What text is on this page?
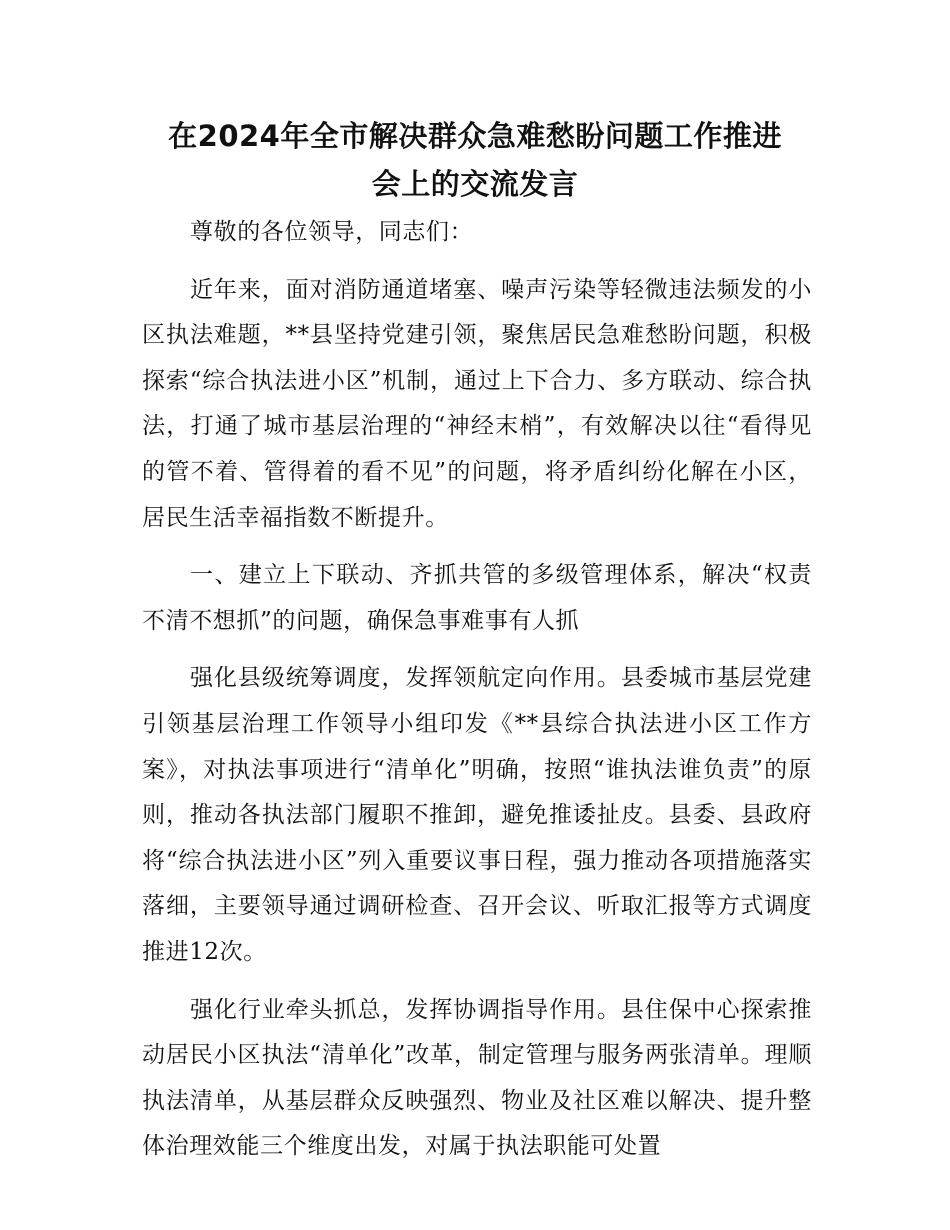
在2024年全市解决群众急难愁盼问题工作推进
会上的交流发言

尊敬的各位领导，同志们：

近年来，面对消防通道堵塞、噪声污染等轻微违法频发的小区执法难题，**县坚持党建引领，聚焦居民急难愁盼问题，积极探索“综合执法进小区”机制，通过上下合力、多方联动、综合执法，打通了城市基层治理的“神经末梢”，有效解决以往“看得见的管不着、管得着的看不见”的问题，将矛盾纠纷化解在小区，居民生活幸福指数不断提升。

一、建立上下联动、齐抓共管的多级管理体系，解决“权责不清不想抓”的问题，确保急事难事有人抓

强化县级统筹调度，发挥领航定向作用。县委城市基层党建引领基层治理工作领导小组印发《**县综合执法进小区工作方案》，对执法事项进行“清单化”明确，按照“谁执法谁负责”的原则，推动各执法部门履职不推卸，避免推诿扯皮。县委、县政府将“综合执法进小区”列入重要议事日程，强力推动各项措施落实落细，主要领导通过调研检查、召开会议、听取汇报等方式调度推进12次。

强化行业牵头抓总，发挥协调指导作用。县住保中心探索推动居民小区执法“清单化”改革，制定管理与服务两张清单。理顺执法清单，从基层群众反映强烈、物业及社区难以解决、提升整体治理效能三个维度出发，对属于执法职能可处置
